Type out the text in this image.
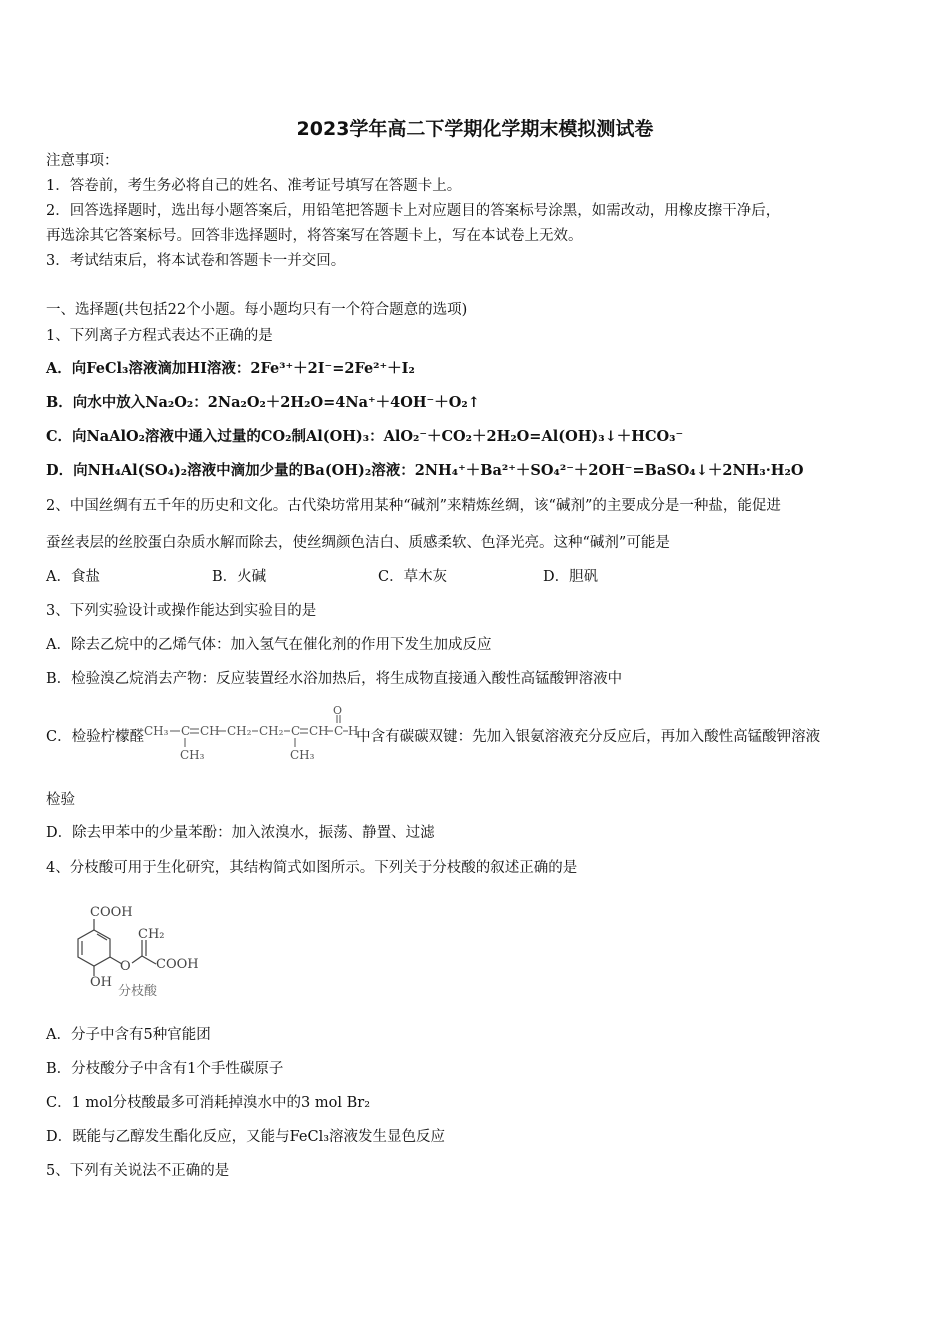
2023学年高二下学期化学期末模拟测试卷
注意事项：
1．答卷前，考生务必将自己的姓名、准考证号填写在答题卡上。
2．回答选择题时，选出每小题答案后，用铅笔把答题卡上对应题目的答案标号涂黑，如需改动，用橡皮擦干净后，
再选涂其它答案标号。回答非选择题时，将答案写在答题卡上，写在本试卷上无效。
3．考试结束后，将本试卷和答题卡一并交回。
一、选择题(共包括22个小题。每小题均只有一个符合题意的选项)
1、下列离子方程式表达不正确的是
A．向FeCl₃溶液滴加HI溶液：2Fe³⁺＋2I⁻=2Fe²⁺＋I₂
B．向水中放入Na₂O₂：2Na₂O₂＋2H₂O=4Na⁺＋4OH⁻＋O₂↑
C．向NaAlO₂溶液中通入过量的CO₂制Al(OH)₃：AlO₂⁻＋CO₂＋2H₂O=Al(OH)₃↓＋HCO₃⁻
D．向NH₄Al(SO₄)₂溶液中滴加少量的Ba(OH)₂溶液：2NH₄⁺＋Ba²⁺＋SO₄²⁻＋2OH⁻=BaSO₄↓＋2NH₃·H₂O
2、中国丝绸有五千年的历史和文化。古代染坊常用某种“碱剂”来精炼丝绸，该“碱剂”的主要成分是一种盐，能促进
蚕丝表层的丝胶蛋白杂质水解而除去，使丝绸颜色洁白、质感柔软、色泽光亮。这种“碱剂”可能是
A．食盐	B．火碱	C．草木灰	D．胆矾
3、下列实验设计或操作能达到实验目的是
A．除去乙烷中的乙烯气体：加入氢气在催化剂的作用下发生加成反应
B．检验溴乙烷消去产物：反应装置经水浴加热后，将生成物直接通入酸性高锰酸钾溶液中
C．检验柠檬醛 CH₃ C CH CH₂ CH₂ C CH C H
O
CH₃	CH₃
中含有碳碳双键：先加入银氨溶液充分反应后，再加入酸性高锰酸钾溶液
检验
D．除去甲苯中的少量苯酚：加入浓溴水，振荡、静置、过滤
4、分枝酸可用于生化研究，其结构简式如图所示。下列关于分枝酸的叙述正确的是
COOH
O
CH₂
COOH
OH
分枝酸
A．分子中含有5种官能团
B．分枝酸分子中含有1个手性碳原子
C．1 mol分枝酸最多可消耗掉溴水中的3 mol Br₂
D．既能与乙醇发生酯化反应，又能与FeCl₃溶液发生显色反应
5、下列有关说法不正确的是
